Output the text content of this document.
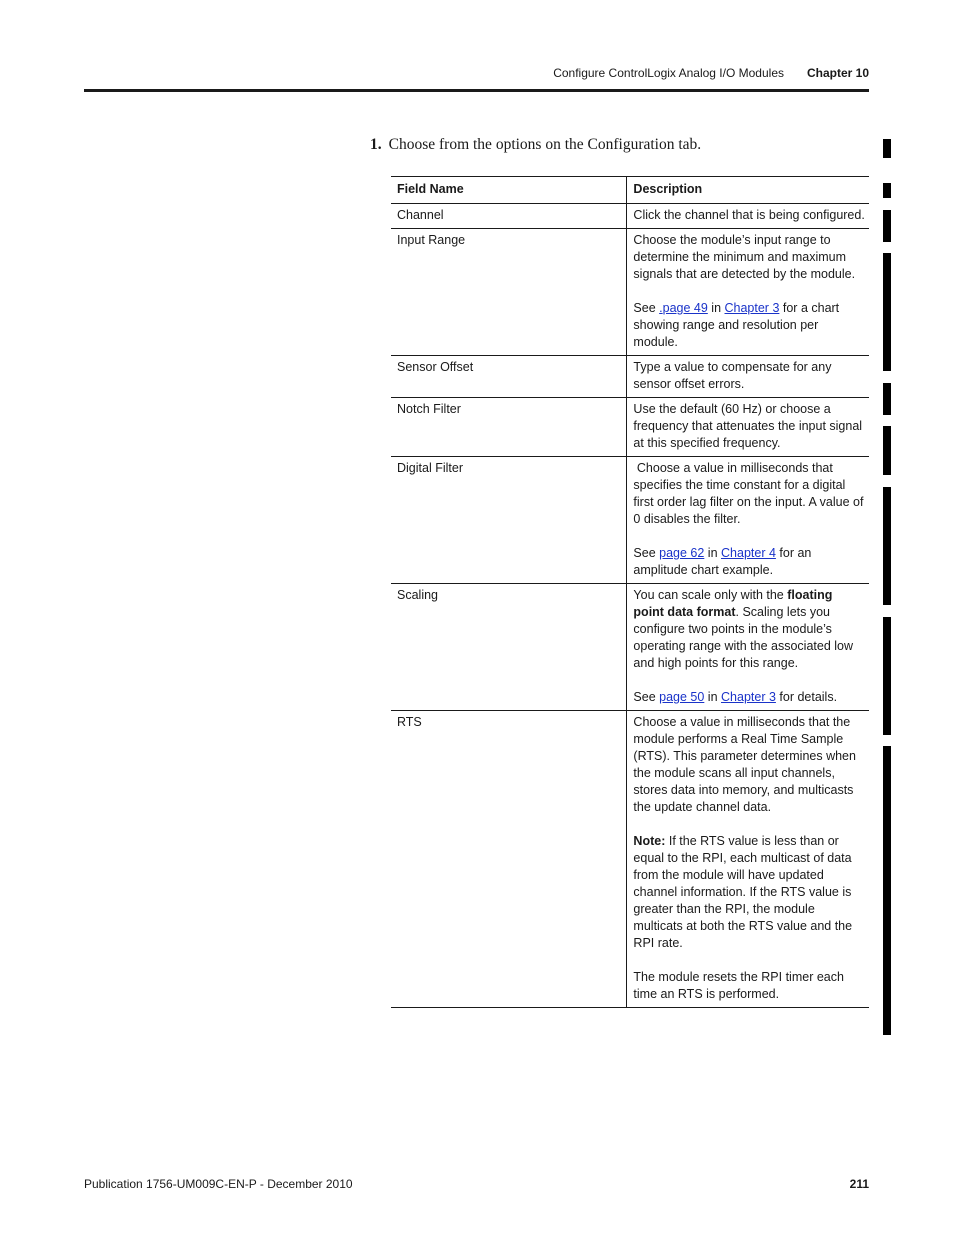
Configure ControlLogix Analog I/O Modules Chapter 10
1. Choose from the options on the Configuration tab.
Field Name	Description
Channel	Click the channel that is being configured.

Input Range	Choose the module’s input range to determine the minimum and maximum signals that are detected by the module.

See .page 49 in Chapter 3 for a chart showing range and resolution per module.

Sensor Offset	Type a value to compensate for any sensor offset errors.

Notch Filter	Use the default (60 Hz) or choose a frequency that attenuates the input signal at this specified frequency.

Digital Filter	Choose a value in milliseconds that specifies the time constant for a digital first order lag filter on the input. A value of 0 disables the filter.

See page 62 in Chapter 4 for an amplitude chart example.

Scaling	You can scale only with the floating point data format. Scaling lets you configure two points in the module’s operating range with the associated low and high points for this range.

See page 50 in Chapter 3 for details.

RTS	Choose a value in milliseconds that the module performs a Real Time Sample (RTS). This parameter determines when the module scans all input channels, stores data into memory, and multicasts the update channel data.

Note: If the RTS value is less than or equal to the RPI, each multicast of data from the module will have updated channel information. If the RTS value is greater than the RPI, the module multicats at both the RTS value and the RPI rate.

The module resets the RPI timer each time an RTS is performed.

Publication 1756-UM009C-EN-P - December 2010	211
